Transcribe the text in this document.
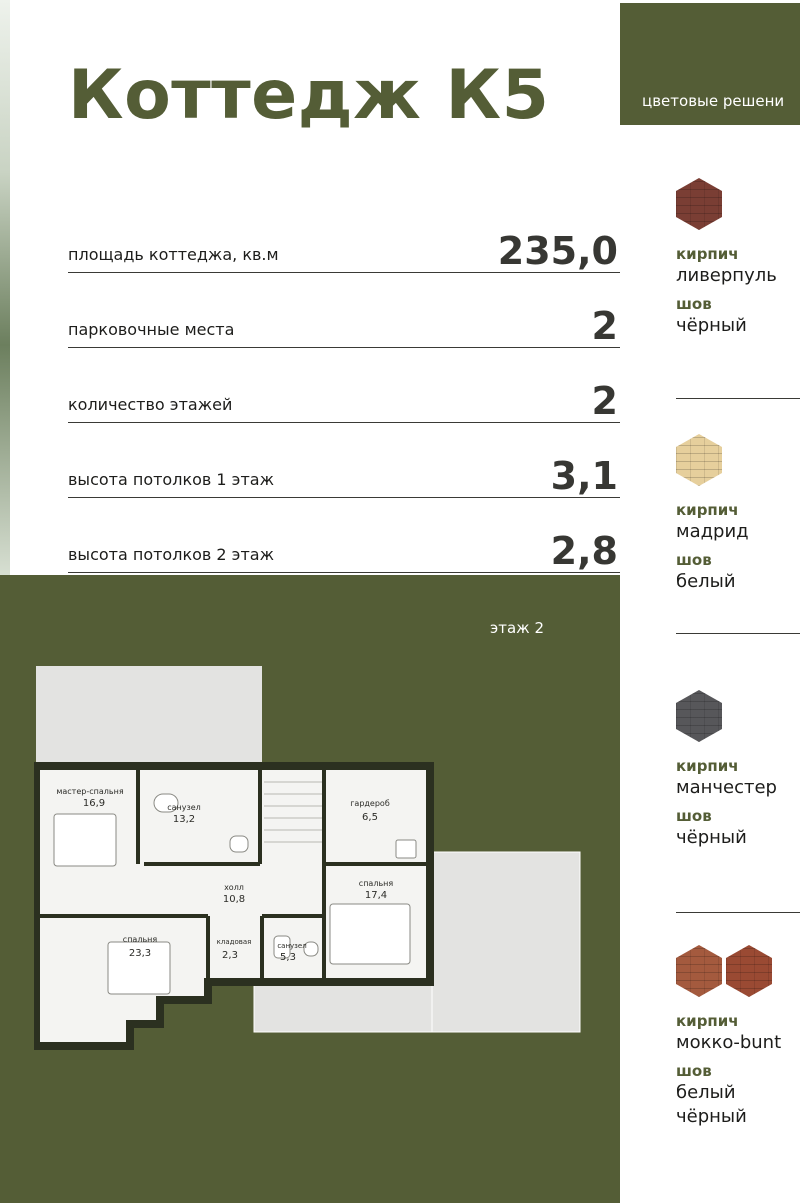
Коттедж К5
площадь коттеджа, кв.м	235,0
парковочные места	2
количество этажей	2
высота потолков 1 этаж	3,1
высота потолков 2 этаж	2,8
цветовые решени
кирпич
ливерпуль
шов
чёрный
кирпич
мадрид
шов
белый
кирпич
манчестер
шов
чёрный
кирпич
мокко-bunt
шов
белый
чёрный
этаж 2
мастер-спальня
16,9	санузел
13,2
гардероб
6,5
холл
10,8
спальня
17,4
спальня
23,3
кладовая
2,3
санузел
5,3
